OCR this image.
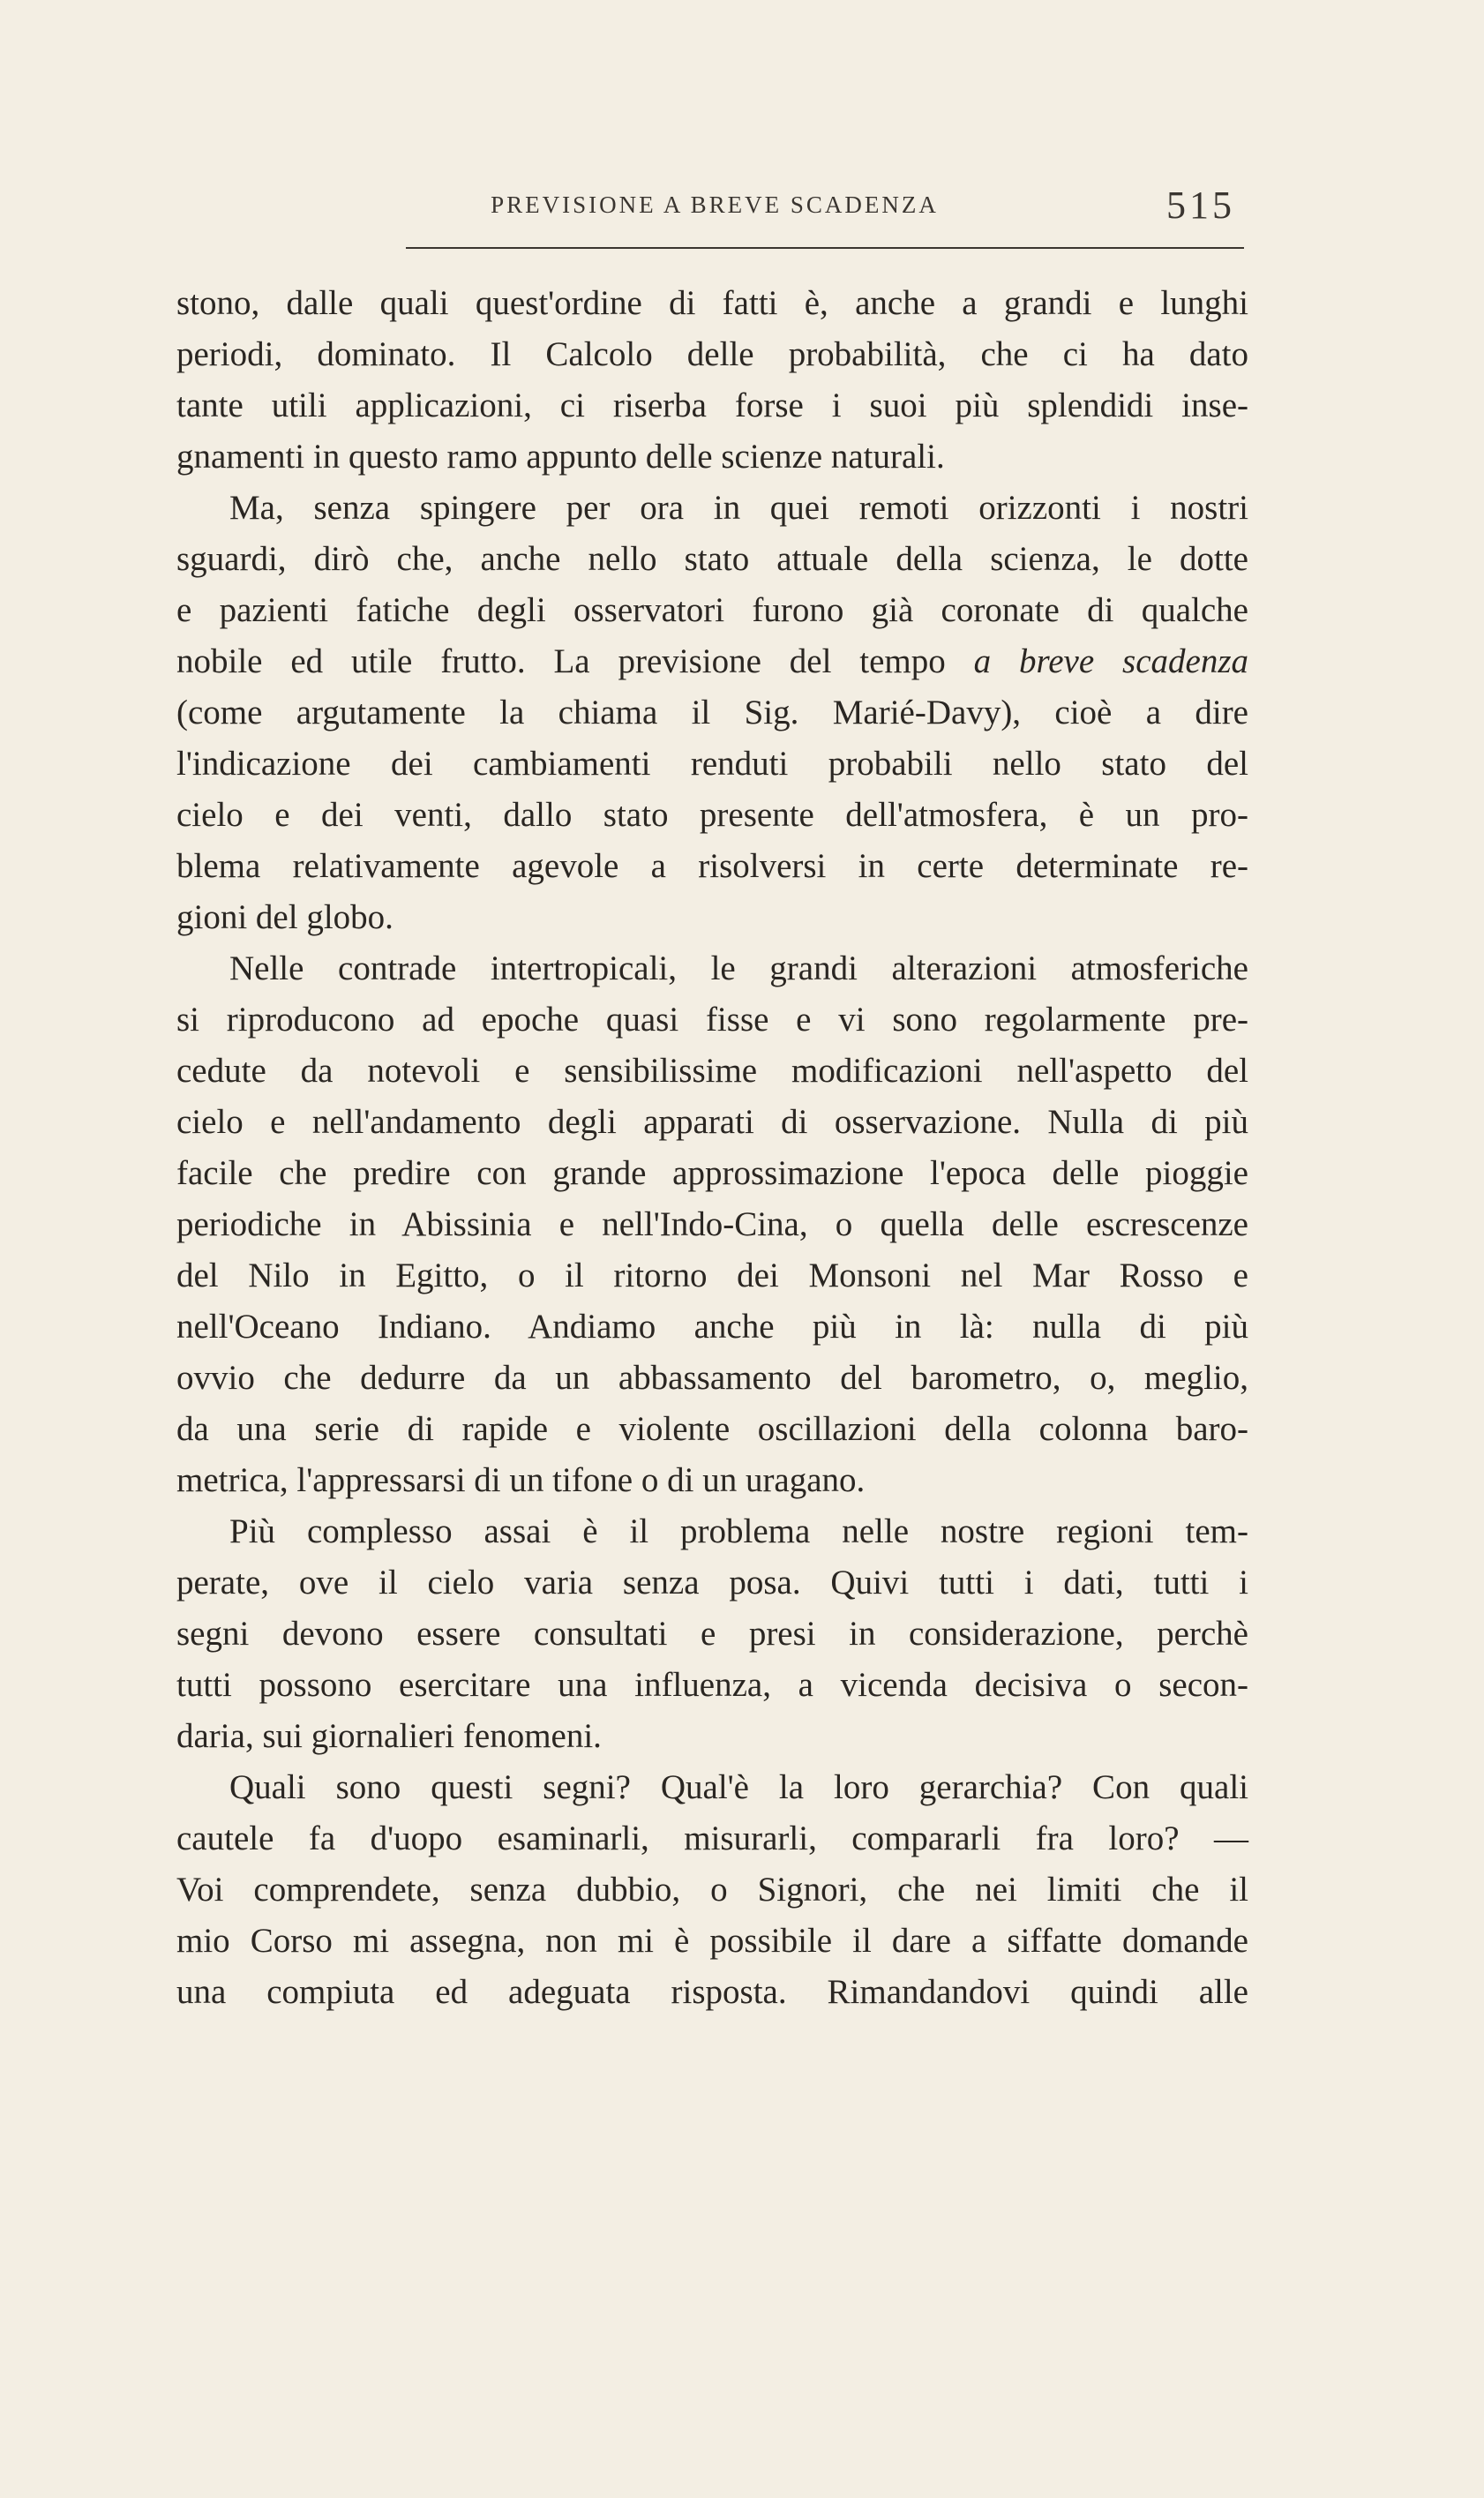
PREVISIONE A BREVE SCADENZA	515
stono, dalle quali quest'ordine di fatti è, anche a grandi e lunghi
periodi, dominato. Il Calcolo delle probabilità, che ci ha dato
tante utili applicazioni, ci riserba forse i suoi più splendidi inse-
gnamenti in questo ramo appunto delle scienze naturali.
Ma, senza spingere per ora in quei remoti orizzonti i nostri
sguardi, dirò che, anche nello stato attuale della scienza, le dotte
e pazienti fatiche degli osservatori furono già coronate di qualche
nobile ed utile frutto. La previsione del tempo a breve scadenza
(come argutamente la chiama il Sig. Marié-Davy), cioè a dire
l'indicazione dei cambiamenti renduti probabili nello stato del
cielo e dei venti, dallo stato presente dell'atmosfera, è un pro-
blema relativamente agevole a risolversi in certe determinate re-
gioni del globo.
Nelle contrade intertropicali, le grandi alterazioni atmosferiche
si riproducono ad epoche quasi fisse e vi sono regolarmente pre-
cedute da notevoli e sensibilissime modificazioni nell'aspetto del
cielo e nell'andamento degli apparati di osservazione. Nulla di più
facile che predire con grande approssimazione l'epoca delle pioggie
periodiche in Abissinia e nell'Indo-Cina, o quella delle escrescenze
del Nilo in Egitto, o il ritorno dei Monsoni nel Mar Rosso e
nell'Oceano Indiano. Andiamo anche più in là: nulla di più
ovvio che dedurre da un abbassamento del barometro, o, meglio,
da una serie di rapide e violente oscillazioni della colonna baro-
metrica, l'appressarsi di un tifone o di un uragano.
Più complesso assai è il problema nelle nostre regioni tem-
perate, ove il cielo varia senza posa. Quivi tutti i dati, tutti i
segni devono essere consultati e presi in considerazione, perchè
tutti possono esercitare una influenza, a vicenda decisiva o secon-
daria, sui giornalieri fenomeni.
Quali sono questi segni? Qual'è la loro gerarchia? Con quali
cautele fa d'uopo esaminarli, misurarli, compararli fra loro? —
Voi comprendete, senza dubbio, o Signori, che nei limiti che il
mio Corso mi assegna, non mi è possibile il dare a siffatte domande
una compiuta ed adeguata risposta. Rimandandovi quindi alle
